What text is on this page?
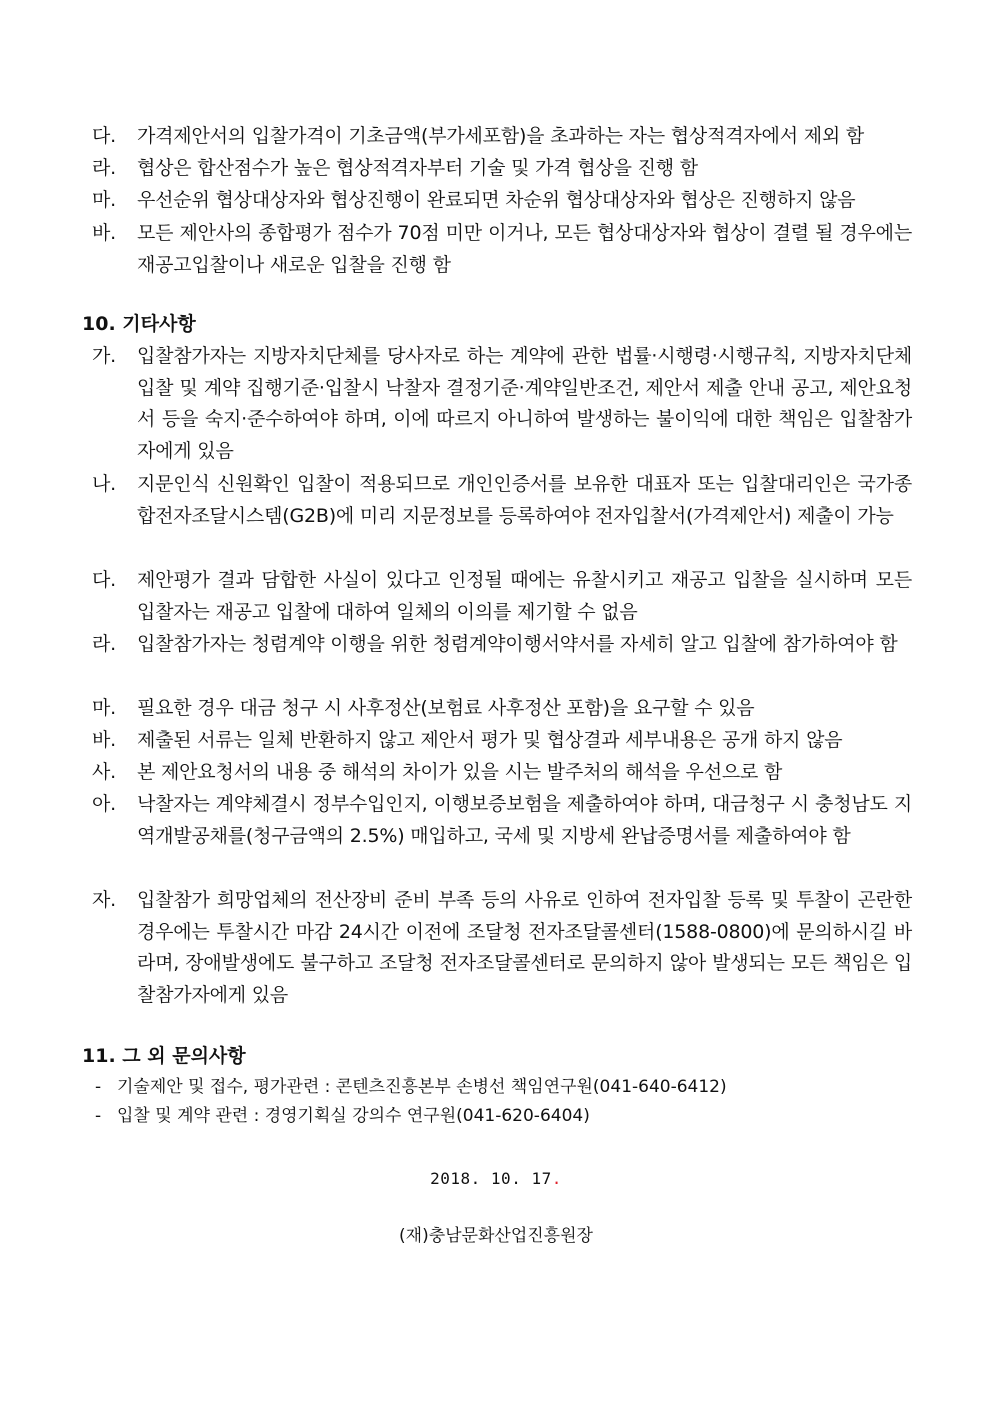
다. 가격제안서의 입찰가격이 기초금액(부가세포함)을 초과하는 자는 협상적격자에서 제외 함
라. 협상은 합산점수가 높은 협상적격자부터 기술 및 가격 협상을 진행 함
마. 우선순위 협상대상자와 협상진행이 완료되면 차순위 협상대상자와 협상은 진행하지 않음
바. 모든 제안사의 종합평가 점수가 70점 미만 이거나, 모든 협상대상자와 협상이 결렬 될 경우에는 재공고입찰이나 새로운 입찰을 진행 함
10. 기타사항
가. 입찰참가자는 지방자치단체를 당사자로 하는 계약에 관한 법률·시행령·시행규칙, 지방자치단체 입찰 및 계약 집행기준·입찰시 낙찰자 결정기준·계약일반조건, 제안서 제출 안내 공고, 제안요청서 등을 숙지·준수하여야 하며, 이에 따르지 아니하여 발생하는 불이익에 대한 책임은 입찰참가자에게 있음
나. 지문인식 신원확인 입찰이 적용되므로 개인인증서를 보유한 대표자 또는 입찰대리인은 국가종합전자조달시스템(G2B)에 미리 지문정보를 등록하여야 전자입찰서(가격제안서) 제출이 가능
다. 제안평가 결과 담합한 사실이 있다고 인정될 때에는 유찰시키고 재공고 입찰을 실시하며 모든 입찰자는 재공고 입찰에 대하여 일체의 이의를 제기할 수 없음
라. 입찰참가자는 청렴계약 이행을 위한 청렴계약이행서약서를 자세히 알고 입찰에 참가하여야 함
마. 필요한 경우 대금 청구 시 사후정산(보험료 사후정산 포함)을 요구할 수 있음
바. 제출된 서류는 일체 반환하지 않고 제안서 평가 및 협상결과 세부내용은 공개 하지 않음
사. 본 제안요청서의 내용 중 해석의 차이가 있을 시는 발주처의 해석을 우선으로 함
아. 낙찰자는 계약체결시 정부수입인지, 이행보증보험을 제출하여야 하며, 대금청구 시 충청남도 지역개발공채를(청구금액의 2.5%) 매입하고, 국세 및 지방세 완납증명서를 제출하여야 함
자. 입찰참가 희망업체의 전산장비 준비 부족 등의 사유로 인하여 전자입찰 등록 및 투찰이 곤란한 경우에는 투찰시간 마감 24시간 이전에 조달청 전자조달콜센터(1588-0800)에 문의하시길 바라며, 장애발생에도 불구하고 조달청 전자조달콜센터로 문의하지 않아 발생되는 모든 책임은 입찰참가자에게 있음
11. 그 외 문의사항
- 기술제안 및 접수, 평가관련 : 콘텐츠진흥본부 손병선 책임연구원(041-640-6412)
- 입찰 및 계약 관련 : 경영기획실 강의수 연구원(041-620-6404)
2018. 10. 17.
(재)충남문화산업진흥원장
